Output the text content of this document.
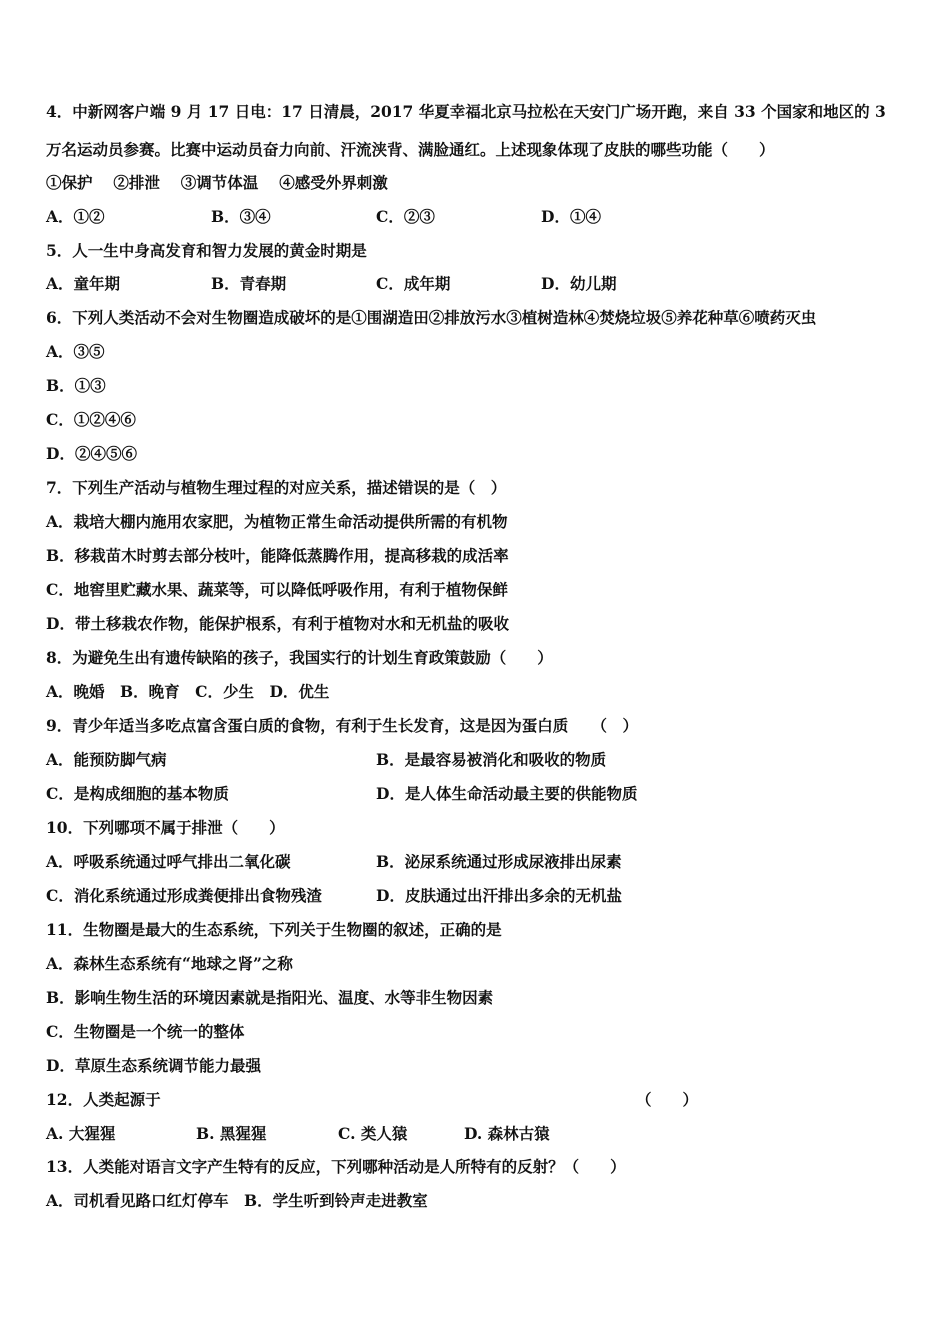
4．中新网客户端 9 月 17 日电：17 日清晨，2017 华夏幸福北京马拉松在天安门广场开跑，来自 33 个国家和地区的 3
万名运动员参赛。比赛中运动员奋力向前、汗流浃背、满脸通红。上述现象体现了皮肤的哪些功能（　　）
①保护　 ②排泄　 ③调节体温　 ④感受外界刺激
A．①②	B．③④	C．②③	D．①④
5．人一生中身高发育和智力发展的黄金时期是
A．童年期	B．青春期	C．成年期	D．幼儿期
6．下列人类活动不会对生物圈造成破坏的是①围湖造田②排放污水③植树造林④焚烧垃圾⑤养花种草⑥喷药灭虫
A．③⑤
B．①③
C．①②④⑥
D．②④⑤⑥
7．下列生产活动与植物生理过程的对应关系，描述错误的是（　）
A．栽培大棚内施用农家肥，为植物正常生命活动提供所需的有机物
B．移栽苗木时剪去部分枝叶，能降低蒸腾作用，提高移栽的成活率
C．地窖里贮藏水果、蔬菜等，可以降低呼吸作用，有利于植物保鲜
D．带土移栽农作物，能保护根系，有利于植物对水和无机盐的吸收
8．为避免生出有遗传缺陷的孩子，我国实行的计划生育政策鼓励（　　）
A．晚婚　B．晚育　C．少生　D．优生
9．青少年适当多吃点富含蛋白质的食物，有利于生长发育，这是因为蛋白质　　（　）
A．能预防脚气病	B．是最容易被消化和吸收的物质
C．是构成细胞的基本物质	D．是人体生命活动最主要的供能物质
10．下列哪项不属于排泄（　　）
A．呼吸系统通过呼气排出二氧化碳	B．泌尿系统通过形成尿液排出尿素
C．消化系统通过形成粪便排出食物残渣	D．皮肤通过出汗排出多余的无机盐
11．生物圈是最大的生态系统，下列关于生物圈的叙述，正确的是
A．森林生态系统有“地球之肾”之称
B．影响生物生活的环境因素就是指阳光、温度、水等非生物因素
C．生物圈是一个统一的整体
D．草原生态系统调节能力最强
12．人类起源于	（　　）
A. 大猩猩	B. 黑猩猩	C. 类人猿	D. 森林古猿
13．人类能对语言文字产生特有的反应，下列哪种活动是人所特有的反射？（　　）
A．司机看见路口红灯停车　B．学生听到铃声走进教室
